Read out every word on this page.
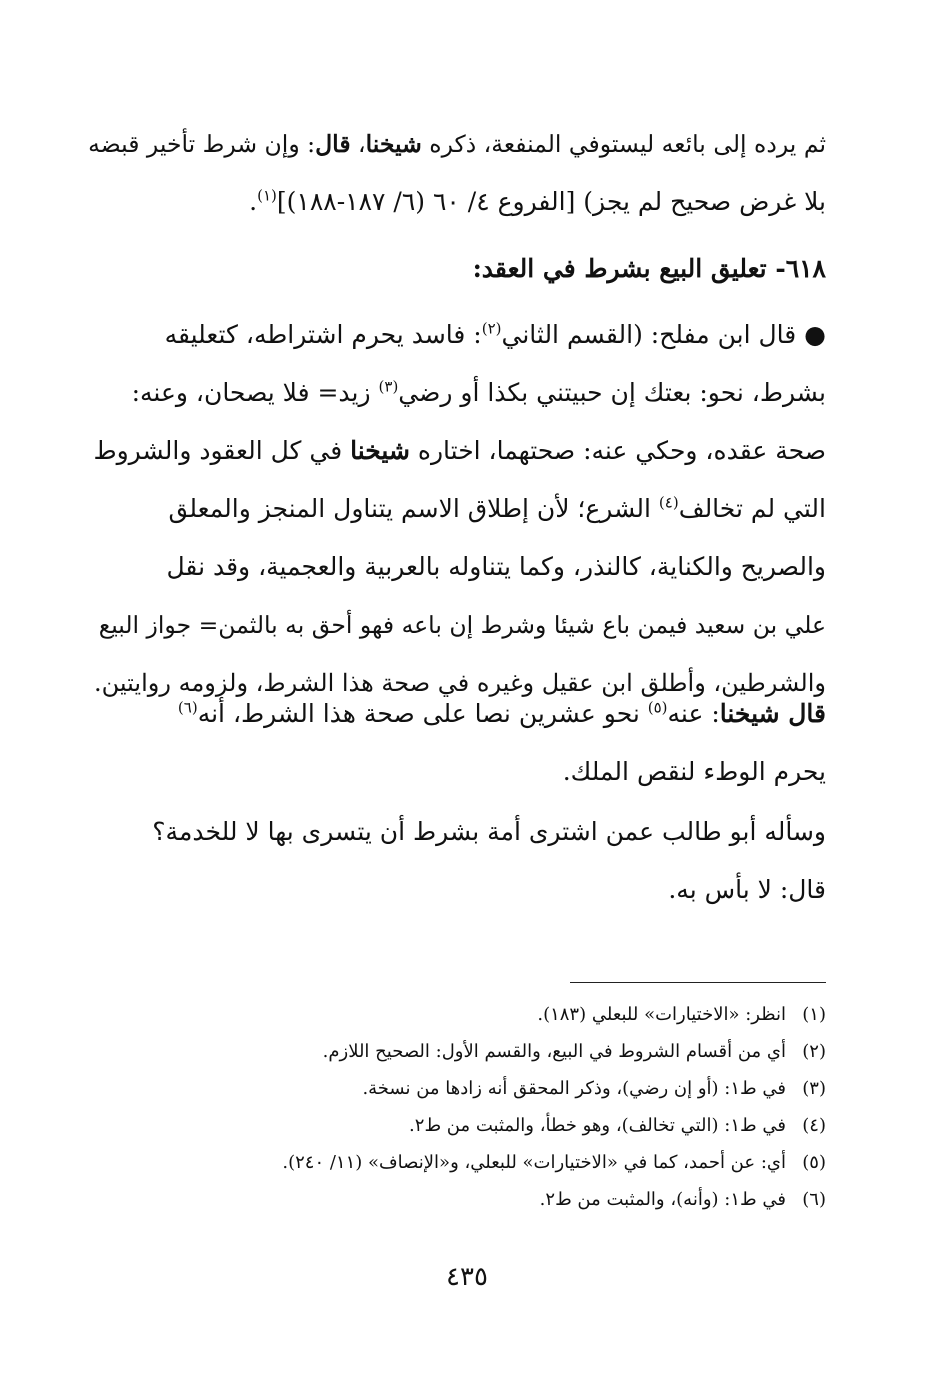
ثم يرده إلى بائعه ليستوفي المنفعة، ذكره شيخنا، قال: وإن شرط تأخير قبضه
بلا غرض صحيح لم يجز) [الفروع ٤/ ٦٠ (٦/ ١٨٧-١٨٨)]$^{(١)}$.
٦١٨- تعليق البيع بشرط في العقد:
● قال ابن مفلح: (القسم الثاني$^{(٢)}$: فاسد يحرم اشتراطه، كتعليقه
بشرط، نحو: بعتك إن حبيتني بكذا أو رضي$^{(٣)}$ زيد= فلا يصحان، وعنه:
صحة عقده، وحكي عنه: صحتهما، اختاره شيخنا في كل العقود والشروط
التي لم تخالف$^{(٤)}$ الشرع؛ لأن إطلاق الاسم يتناول المنجز والمعلق
والصريح والكناية، كالنذر، وكما يتناوله بالعربية والعجمية، وقد نقل
علي بن سعيد فيمن باع شيئا وشرط إن باعه فهو أحق به بالثمن= جواز البيع
والشرطين، وأطلق ابن عقيل وغيره في صحة هذا الشرط، ولزومه روايتين.
قال شيخنا: عنه$^{(٥)}$ نحو عشرين نصا على صحة هذا الشرط، أنه$^{(٦)}$
يحرم الوطء لنقص الملك.
وسأله أبو طالب عمن اشترى أمة بشرط أن يتسرى بها لا للخدمة؟
قال: لا بأس به.
(١)انظر: «الاختيارات» للبعلي (١٨٣).
(٢)أي من أقسام الشروط في البيع، والقسم الأول: الصحيح اللازم.
(٣)في ط١: (أو إن رضي)، وذكر المحقق أنه زادها من نسخة.
(٤)في ط١: (التي تخالف)، وهو خطأ، والمثبت من ط٢.
(٥)أي: عن أحمد، كما في «الاختيارات» للبعلي، و«الإنصاف» (١١/ ٢٤٠).
(٦)في ط١: (وأنه)، والمثبت من ط٢.
٤٣٥
